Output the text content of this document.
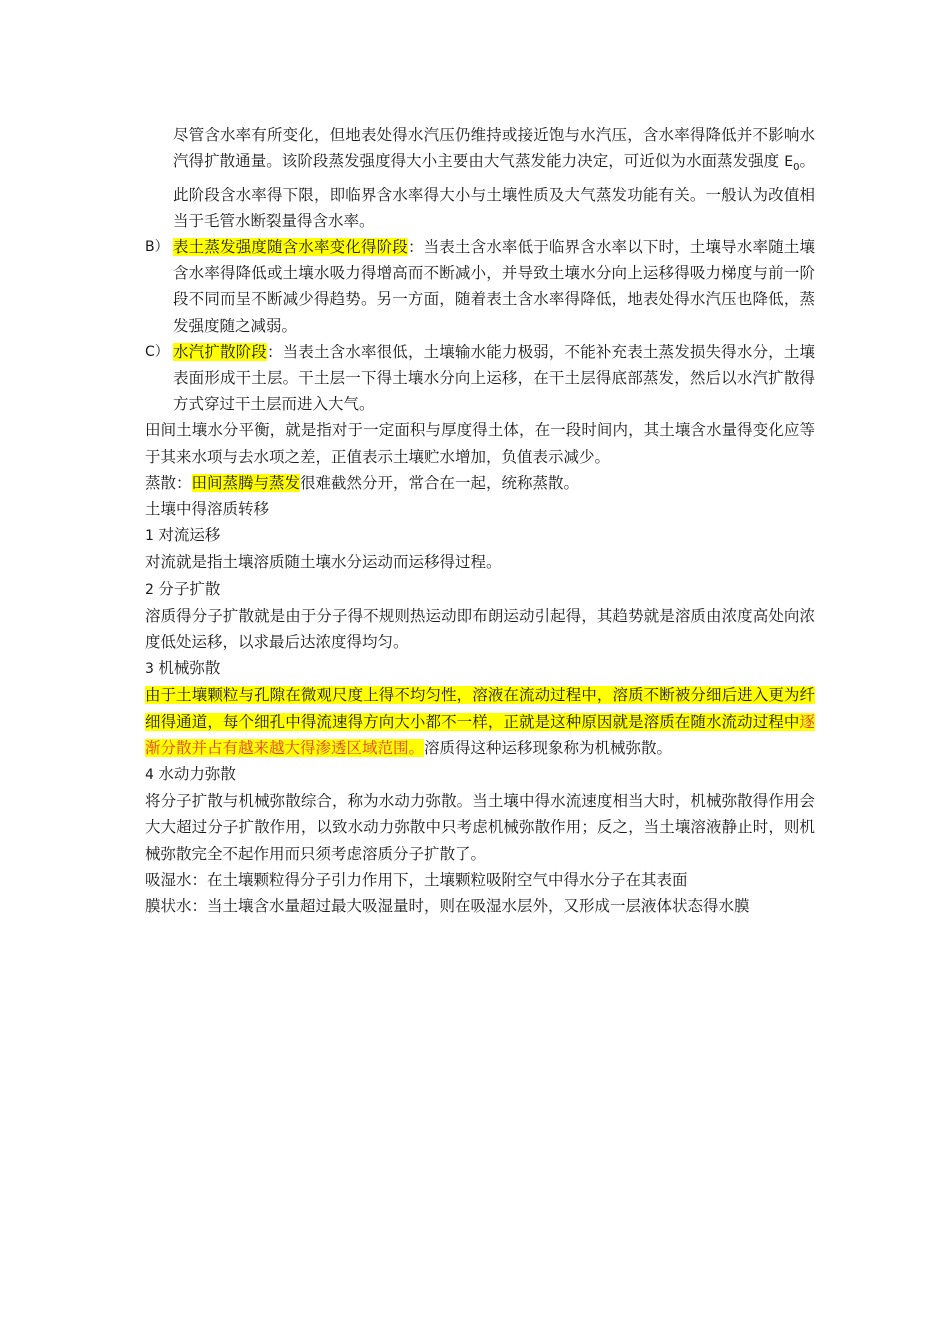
尽管含水率有所变化，但地表处得水汽压仍维持或接近饱与水汽压，含水率得降低并不影响水汽得扩散通量。该阶段蒸发强度得大小主要由大气蒸发能力决定，可近似为水面蒸发强度 $E_0$。此阶段含水率得下限，即临界含水率得大小与土壤性质及大气蒸发功能有关。一般认为改值相当于毛管水断裂量得含水率。

B） 表土蒸发强度随含水率变化得阶段：当表土含水率低于临界含水率以下时，土壤导水率随土壤含水率得降低或土壤水吸力得增高而不断减小，并导致土壤水分向上运移得吸力梯度与前一阶段不同而呈不断减少得趋势。另一方面，随着表土含水率得降低，地表处得水汽压也降低，蒸发强度随之减弱。

C） 水汽扩散阶段：当表土含水率很低，土壤输水能力极弱，不能补充表土蒸发损失得水分，土壤表面形成干土层。干土层一下得土壤水分向上运移，在干土层得底部蒸发，然后以水汽扩散得方式穿过干土层而进入大气。

田间土壤水分平衡，就是指对于一定面积与厚度得土体，在一段时间内，其土壤含水量得变化应等于其来水项与去水项之差，正值表示土壤贮水增加，负值表示减少。

蒸散：田间蒸腾与蒸发很难截然分开，常合在一起，统称蒸散。

土壤中得溶质转移

1 对流运移

对流就是指土壤溶质随土壤水分运动而运移得过程。

2 分子扩散

溶质得分子扩散就是由于分子得不规则热运动即布朗运动引起得，其趋势就是溶质由浓度高处向浓度低处运移，以求最后达浓度得均匀。

3 机械弥散

由于土壤颗粒与孔隙在微观尺度上得不均匀性，溶液在流动过程中，溶质不断被分细后进入更为纤细得通道，每个细孔中得流速得方向大小都不一样，正就是这种原因就是溶质在随水流动过程中逐渐分散并占有越来越大得渗透区域范围。溶质得这种运移现象称为机械弥散。

4 水动力弥散

将分子扩散与机械弥散综合，称为水动力弥散。当土壤中得水流速度相当大时，机械弥散得作用会大大超过分子扩散作用，以致水动力弥散中只考虑机械弥散作用；反之，当土壤溶液静止时，则机械弥散完全不起作用而只须考虑溶质分子扩散了。

吸湿水：在土壤颗粒得分子引力作用下，土壤颗粒吸附空气中得水分子在其表面

膜状水：当土壤含水量超过最大吸湿量时，则在吸湿水层外，又形成一层液体状态得水膜
